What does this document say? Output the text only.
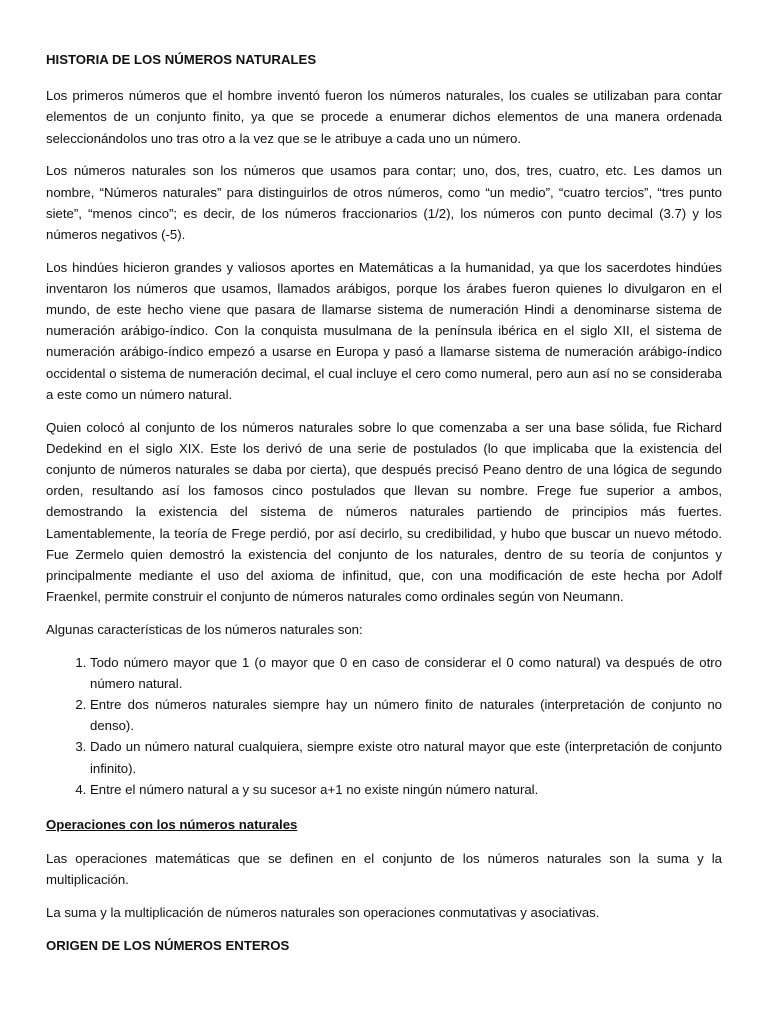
HISTORIA DE LOS NÚMEROS NATURALES

Los primeros números que el hombre inventó fueron los números naturales, los cuales se utilizaban para contar elementos de un conjunto finito, ya que se procede a enumerar dichos elementos de una manera ordenada seleccionándolos uno tras otro a la vez que se le atribuye a cada uno un número.

Los números naturales son los números que usamos para contar; uno, dos, tres, cuatro, etc. Les damos un nombre, “Números naturales” para distinguirlos de otros números, como “un medio”, “cuatro tercios”, “tres punto siete”, “menos cinco”; es decir, de los números fraccionarios (1/2), los números con punto decimal (3.7) y los números negativos (-5).

Los hindúes hicieron grandes y valiosos aportes en Matemáticas a la humanidad, ya que los sacerdotes hindúes inventaron los números que usamos, llamados arábigos, porque los árabes fueron quienes lo divulgaron en el mundo, de este hecho viene que pasara de llamarse sistema de numeración Hindi a denominarse sistema de numeración arábigo-índico. Con la conquista musulmana de la península ibérica en el siglo XII, el sistema de numeración arábigo-índico empezó a usarse en Europa y pasó a llamarse sistema de numeración arábigo-índico occidental o sistema de numeración decimal, el cual incluye el cero como numeral, pero aun así no se consideraba a este como un número natural.

Quien colocó al conjunto de los números naturales sobre lo que comenzaba a ser una base sólida, fue Richard Dedekind en el siglo XIX. Este los derivó de una serie de postulados (lo que implicaba que la existencia del conjunto de números naturales se daba por cierta), que después precisó Peano dentro de una lógica de segundo orden, resultando así los famosos cinco postulados que llevan su nombre. Frege fue superior a ambos, demostrando la existencia del sistema de números naturales partiendo de principios más fuertes. Lamentablemente, la teoría de Frege perdió, por así decirlo, su credibilidad, y hubo que buscar un nuevo método. Fue Zermelo quien demostró la existencia del conjunto de los naturales, dentro de su teoría de conjuntos y principalmente mediante el uso del axioma de infinitud, que, con una modificación de este hecha por Adolf Fraenkel, permite construir el conjunto de números naturales como ordinales según von Neumann.

Algunas características de los números naturales son:

1. Todo número mayor que 1 (o mayor que 0 en caso de considerar el 0 como natural) va después de otro número natural.
2. Entre dos números naturales siempre hay un número finito de naturales (interpretación de conjunto no denso).
3. Dado un número natural cualquiera, siempre existe otro natural mayor que este (interpretación de conjunto infinito).
4. Entre el número natural a y su sucesor a+1 no existe ningún número natural.
Operaciones con los números naturales

Las operaciones matemáticas que se definen en el conjunto de los números naturales son la suma y la multiplicación.

La suma y la multiplicación de números naturales son operaciones conmutativas y asociativas.

ORIGEN DE LOS NÚMEROS ENTEROS
